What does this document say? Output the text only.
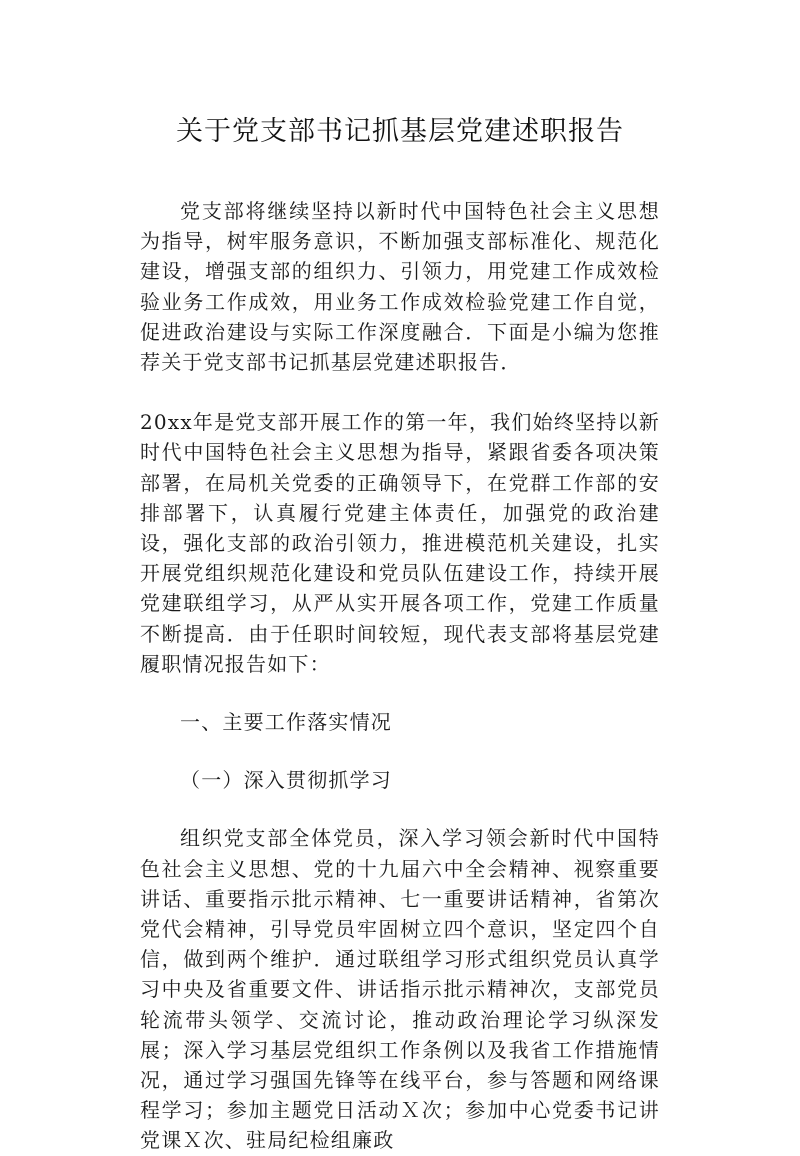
关于党支部书记抓基层党建述职报告

党支部将继续坚持以新时代中国特色社会主义思想为指导，树牢服务意识，不断加强支部标准化、规范化建设，增强支部的组织力、引领力，用党建工作成效检验业务工作成效，用业务工作成效检验党建工作自觉，促进政治建设与实际工作深度融合．下面是小编为您推荐关于党支部书记抓基层党建述职报告．

20xx年是党支部开展工作的第一年，我们始终坚持以新时代中国特色社会主义思想为指导，紧跟省委各项决策部署，在局机关党委的正确领导下，在党群工作部的安排部署下，认真履行党建主体责任，加强党的政治建设，强化支部的政治引领力，推进模范机关建设，扎实开展党组织规范化建设和党员队伍建设工作，持续开展党建联组学习，从严从实开展各项工作，党建工作质量不断提高．由于任职时间较短，现代表支部将基层党建履职情况报告如下：

一、主要工作落实情况

（一）深入贯彻抓学习

组织党支部全体党员，深入学习领会新时代中国特色社会主义思想、党的十九届六中全会精神、视察重要讲话、重要指示批示精神、七一重要讲话精神，省第次党代会精神，引导党员牢固树立四个意识，坚定四个自信，做到两个维护．通过联组学习形式组织党员认真学习中央及省重要文件、讲话指示批示精神次，支部党员轮流带头领学、交流讨论，推动政治理论学习纵深发展；深入学习基层党组织工作条例以及我省工作措施情况，通过学习强国先锋等在线平台，参与答题和网络课程学习；参加主题党日活动Ｘ次；参加中心党委书记讲党课Ｘ次、驻局纪检组廉政
